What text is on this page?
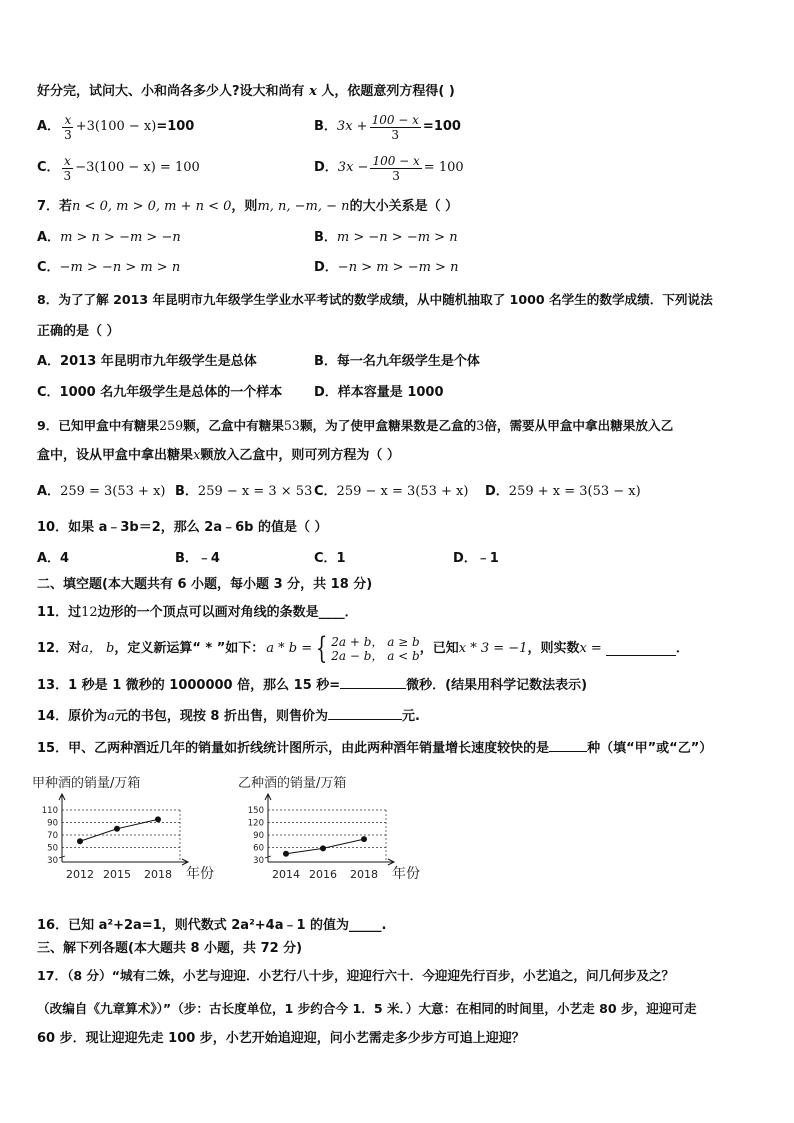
好分完，试问大、小和尚各多少人?设大和尚有 x 人，依题意列方程得( )
A． $\frac{x}{3} +3(100 - x) =100$	B． $3x + \frac{100 - x}{3} =100$
C． $\frac{x}{3} -3(100 - x) = 100$	D． $3x - \frac{100 - x}{3} = 100$
7．若n < 0, m > 0, m + n < 0，则m, n, −m, − n的大小关系是（ ）
A．m > n > −m > −n	B．m > −n > −m > n
C．−m > −n > m > n	D．−n > m > −m > n
8．为了了解 2013 年昆明市九年级学生学业水平考试的数学成绩，从中随机抽取了 1000 名学生的数学成绩．下列说法
正确的是（ ）
A．2013 年昆明市九年级学生是总体	B．每一名九年级学生是个体
C．1000 名九年级学生是总体的一个样本 D．样本容量是 1000
9．已知甲盒中有糖果259颗，乙盒中有糖果53颗，为了使甲盒糖果数是乙盒的3倍，需要从甲盒中拿出糖果放入乙
盒中，设从甲盒中拿出糖果x颗放入乙盒中，则可列方程为（ ）
A．259 = 3(53 + x) B．259 − x = 3 × 53 C．259 − x = 3(53 + x) D．259 + x = 3(53 − x)
10．如果 a﹣3b＝2，那么 2a﹣6b 的值是（ ）
A．4	B．﹣4	C．1	D．﹣1
二、填空题(本大题共有 6 小题，每小题 3 分，共 18 分)
11．过12边形的一个顶点可以画对角线的条数是____．
12．对 a， b ，定义新运算“ * ”如下： a * b = { 2a + b， a ≥ b
2a − b， a < b ，已知 x * 3 = −1 ，则实数 x =	．
13．1 秒是 1 微秒的 1000000 倍，那么 15 秒=	微秒．(结果用科学记数法表示)
14．原价为a元的书包，现按 8 折出售，则售价为	元.
15．甲、乙两种酒近几年的销量如折线统计图所示，由此两种酒年销量增长速度较快的是	种（填“甲”或“乙”）
甲种酒的销量/万箱
30
50
70
90
110
2012 2015 2018 年份
乙种酒的销量/万箱
30
60
90
120
150
2014 2016 2018 年份
16．已知 a²+2a=1，则代数式 2a²+4a﹣1 的值为_____.
三、解下列各题(本大题共 8 小题，共 72 分)
17．（8 分）“城有二姝，小艺与迎迎．小艺行八十步，迎迎行六十．今迎迎先行百步，小艺追之，问几何步及之？
（改编自《九章算术》）”（步：古长度单位，1 步约合今 1．5 米．）大意：在相同的时间里，小艺走 80 步，迎迎可走
60 步．现让迎迎先走 100 步，小艺开始追迎迎，问小艺需走多少步方可追上迎迎？
